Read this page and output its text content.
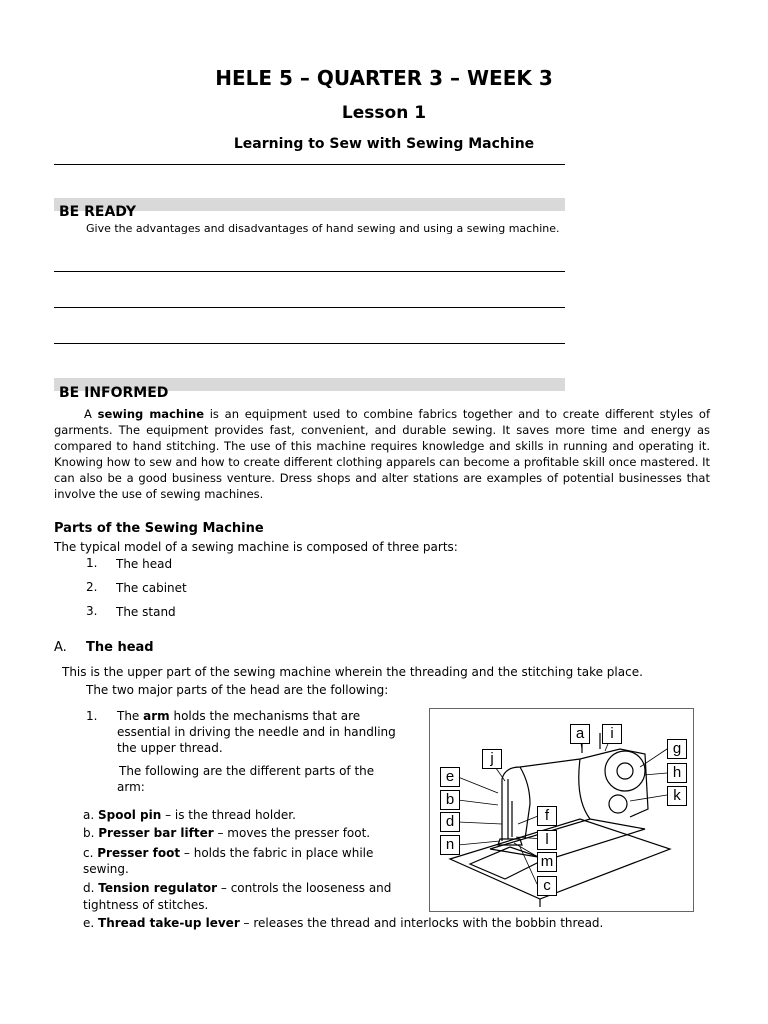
HELE 5 – QUARTER 3 – WEEK 3
Lesson 1
Learning to Sew with Sewing Machine
BE READY
Give the advantages and disadvantages of hand sewing and using a sewing machine.
BE INFORMED
A sewing machine is an equipment used to combine fabrics together and to create different styles of garments. The equipment provides fast, convenient, and durable sewing. It saves more time and energy as compared to hand stitching. The use of this machine requires knowledge and skills in running and operating it. Knowing how to sew and how to create different clothing apparels can become a profitable skill once mastered. It can also be a good business venture. Dress shops and alter stations are examples of potential businesses that involve the use of sewing machines.
Parts of the Sewing Machine
The typical model of a sewing machine is composed of three parts:
1. The head
2. The cabinet
3. The stand
A. The head
This is the upper part of the sewing machine wherein the threading and the stitching take place.
The two major parts of the head are the following:
1. The arm holds the mechanisms that are
essential in driving the needle and in handling
the upper thread.
The following are the different parts of the
arm:
a. Spool pin – is the thread holder.
b. Presser bar lifter – moves the presser foot.
c. Presser foot – holds the fabric in place while
sewing.
d. Tension regulator – controls the looseness and
tightness of stitches.
e. Thread take-up lever – releases the thread and interlocks with the bobbin thread.
a	i
j
e
b
d
n
f
l
m
c
g
h
k
